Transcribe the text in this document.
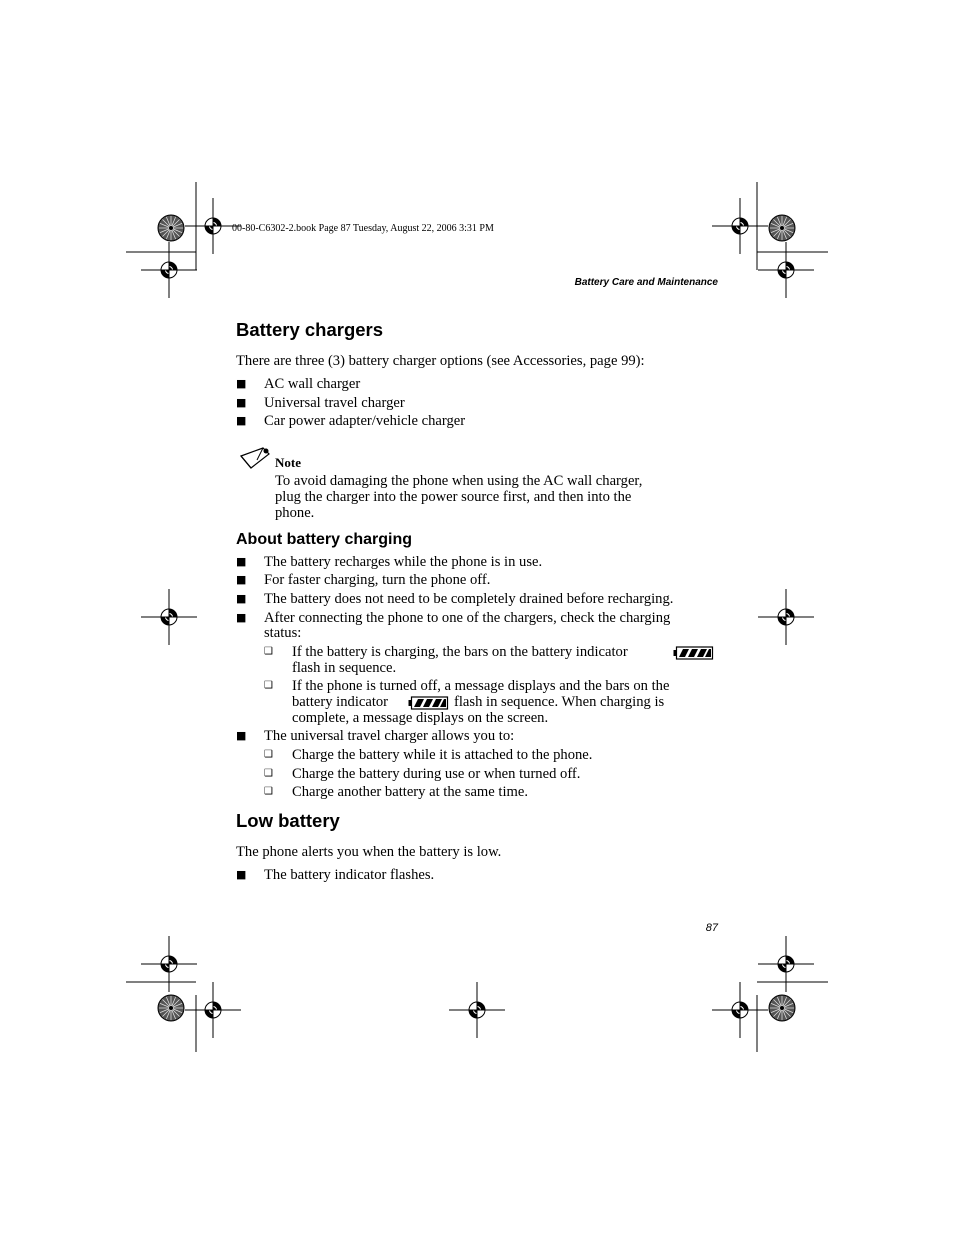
00-80-C6302-2.book Page 87 Tuesday, August 22, 2006 3:31 PM
Battery Care and Maintenance
Battery chargers
There are three (3) battery charger options (see Accessories, page 99):
■ AC wall charger
■ Universal travel charger
■ Car power adapter/vehicle charger
Note
To avoid damaging the phone when using the AC wall charger,
plug the charger into the power source first, and then into the
phone.
About battery charging
■ The battery recharges while the phone is in use.
■ For faster charging, turn the phone off.
■ The battery does not need to be completely drained before recharging.
■ After connecting the phone to one of the chargers, check the charging
status:
❑ If the battery is charging, the bars on the battery indicator
flash in sequence.
❑ If the phone is turned off, a message displays and the bars on the
battery indicator	flash in sequence. When charging is
complete, a message displays on the screen.
■ The universal travel charger allows you to:
❑ Charge the battery while it is attached to the phone.
❑ Charge the battery during use or when turned off.
❑ Charge another battery at the same time.
Low battery
The phone alerts you when the battery is low.
■ The battery indicator flashes.
87
